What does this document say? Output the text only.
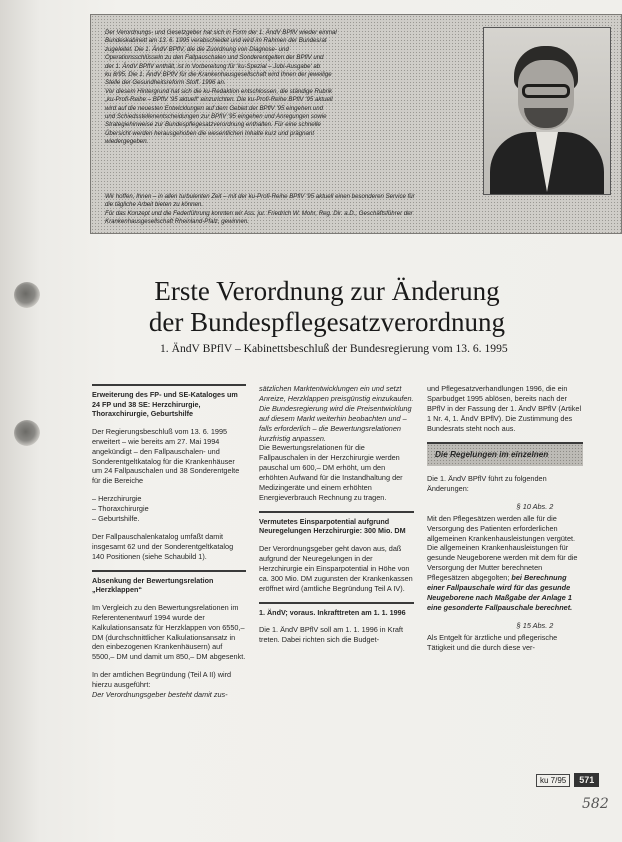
Der Verordnungs- und Gesetzgeber hat sich in Form der 1. ÄndV BPflV wieder einmal
Bundeskabinett am 13. 6. 1995 verabschiedet und wird im Rahmen der Bundesrat
zugeleitet. Die 1. ÄndV BPflV, die die Zuordnung von Diagnose- und
Operationsschlüsseln zu den Fallpauschalen und Sonderentgelten der BPflV und
der 1. ÄndV BPflV enthält, ist in Vorbereitung für 'ku-Spezial – Jubi-Ausgabe' ab
ku 8/95. Die 1. ÄndV BPflV für die Krankenhausgesellschaft wird Ihnen der jeweilige
Stelle der Gesundheitsreform Stoff. 1996 an.
Vor diesem Hintergrund hat sich die ku-Redaktion entschlossen, die ständige Rubrik
„ku-Profi-Reihe – BPflV '95 aktuell“ einzurichten. Die ku-Profi-Reihe BPflV '95 aktuell
wird auf die neuesten Entwicklungen auf dem Gebiet der BPflV '95 eingehen und
und Schiedsstellenentscheidungen zur BPflV '95 eingehen und Anregungen sowie
Strategiehinweise zur Bundespflegesatzverordnung enthalten. Für eine schnelle
Übersicht werden herausgehoben die wesentlichen Inhalte kurz und prägnant
wiedergegeben.
Wir hoffen, Ihnen – in allen turbulenten Zeit – mit der ku-Profi-Reihe BPflV '95 aktuell einen besonderen Service für
die tägliche Arbeit bieten zu können.
Für das Konzept und die Federführung konnten wir Ass. jur. Friedrich W. Mohr, Reg. Dir. a.D., Geschäftsführer der
Krankenhausgesellschaft Rheinland-Pfalz, gewinnen.
Erste Verordnung zur Änderung
der Bundespflegesatzverordnung
1. ÄndV BPflV – Kabinettsbeschluß der Bundesregierung vom 13. 6. 1995
Erweiterung des FP- und SE-Kataloges um 24 FP und 38 SE: Herzchirurgie, Thoraxchirurgie, Geburtshilfe

Der Regierungsbeschluß vom 13. 6. 1995 erweitert – wie bereits am 27. Mai 1994 angekündigt – den Fallpauschalen- und Sonderentgeltkatalog für die Krankenhäuser um 24 Fallpauschalen und 38 Sonderentgelte für die Bereiche

– Herzchirurgie
– Thoraxchirurgie
– Geburtshilfe.

Der Fallpauschalenkatalog umfaßt damit insgesamt 62 und der Sonderentgeltkatalog 140 Positionen (siehe Schaubild 1).

Absenkung der Bewertungsrelation „Herzklappen“

Im Vergleich zu den Bewertungsrelationen im Referentenentwurf 1994 wurde der Kalkulationsansatz für Herzklappen von 6550,– DM (durchschnittlicher Kalkulationsansatz in den einbezogenen Krankenhäusern) auf 5500,– DM und damit um 850,– DM abgesenkt.

In der amtlichen Begründung (Teil A II) wird hierzu ausgeführt:

Der Verordnungsgeber besteht damit zus-

sätzlichen Marktentwicklungen ein und setzt Anreize, Herzklappen preisgünstig einzukaufen. Die Bundesregierung wird die Preisentwicklung auf diesem Markt weiterhin beobachten und – falls erforderlich – die Bewertungsrelationen kurzfristig anpassen.

Die Bewertungsrelationen für die Fallpauschalen in der Herzchirurgie werden pauschal um 600,– DM erhöht, um den erhöhten Aufwand für die Instandhaltung der Medizingeräte und einem erhöhten Energieverbrauch Rechnung zu tragen.

Vermutetes Einsparpotential aufgrund Neuregelungen Herzchirurgie: 300 Mio. DM

Der Verordnungsgeber geht davon aus, daß aufgrund der Neuregelungen in der Herzchirurgie ein Einsparpotential in Höhe von ca. 300 Mio. DM zugunsten der Krankenkassen eröffnet wird (amtliche Begründung Teil A IV).

1. ÄndV; voraus. Inkrafttreten am 1. 1. 1996

Die 1. ÄndV BPflV soll am 1. 1. 1996 in Kraft treten. Dabei richten sich die Budget-

und Pflegesatzverhandlungen 1996, die ein Sparbudget 1995 ablösen, bereits nach der BPflV in der Fassung der 1. ÄndV BPflV (Artikel 1 Nr. 4, 1. ÄndV BPflV). Die Zustimmung des Bundesrats steht noch aus.

Die Regelungen im einzelnen

Die 1. ÄndV BPflV führt zu folgenden Änderungen:

§ 10 Abs. 2

Mit den Pflegesätzen werden alle für die Versorgung des Patienten erforderlichen allgemeinen Krankenhausleistungen vergütet. Die allgemeinen Krankenhausleistungen für gesunde Neugeborene werden mit dem für die Versorgung der Mutter berechneten Pflegesätzen abgegolten; bei Berechnung einer Fallpauschale wird für das gesunde Neugeborene nach Maßgabe der Anlage 1 eine gesonderte Fallpauschale berechnet.

§ 15 Abs. 2

Als Entgelt für ärztliche und pflegerische Tätigkeit und die durch diese ver-

ku 7/95	571
582
